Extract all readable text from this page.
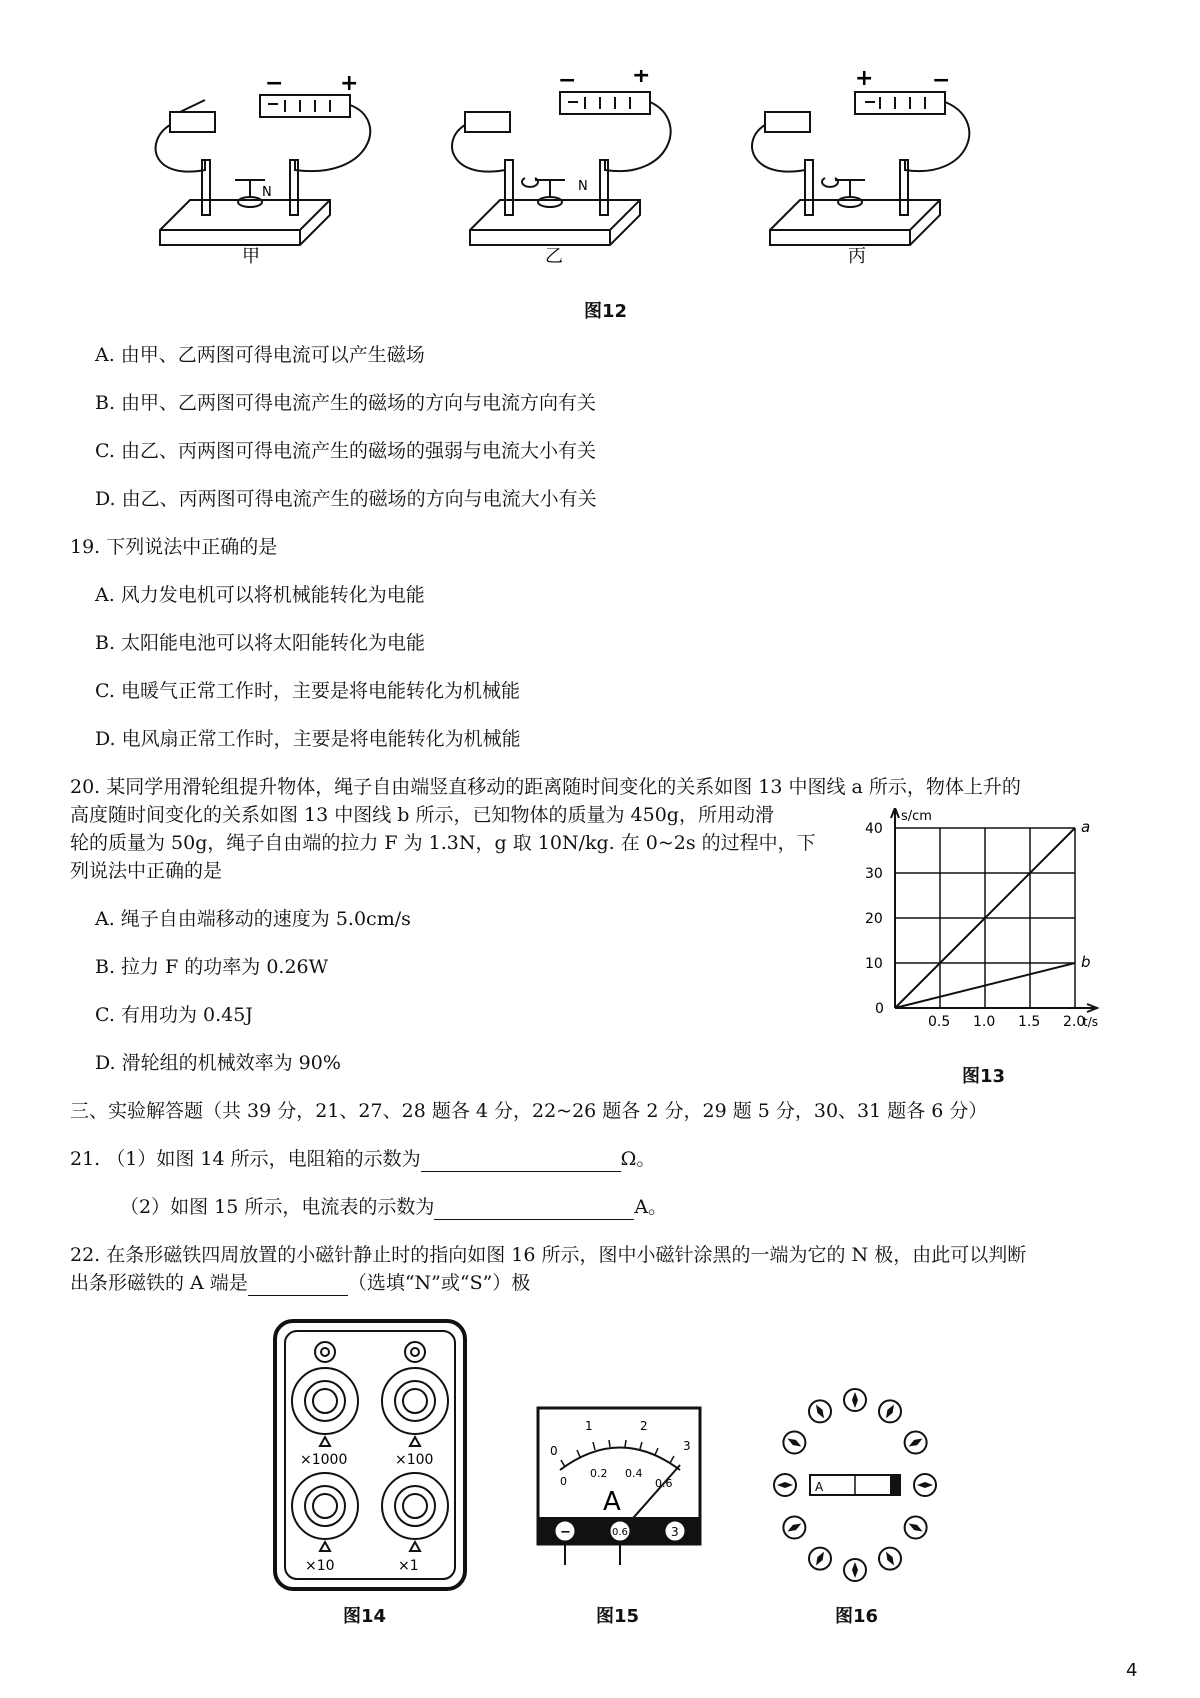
N
−	+
甲
N
−	+
乙
+	−
丙
图12
A. 由甲、乙两图可得电流可以产生磁场
B. 由甲、乙两图可得电流产生的磁场的方向与电流方向有关
C. 由乙、丙两图可得电流产生的磁场的强弱与电流大小有关
D. 由乙、丙两图可得电流产生的磁场的方向与电流大小有关
19. 下列说法中正确的是
A. 风力发电机可以将机械能转化为电能
B. 太阳能电池可以将太阳能转化为电能
C. 电暖气正常工作时，主要是将电能转化为机械能
D. 电风扇正常工作时，主要是将电能转化为机械能
20. 某同学用滑轮组提升物体，绳子自由端竖直移动的距离随时间变化的关系如图 13 中图线 a 所示，物体上升的
高度随时间变化的关系如图 13 中图线 b 所示，已知物体的质量为 450g，所用动滑
轮的质量为 50g，绳子自由端的拉力 F 为 1.3N，g 取 10N/kg. 在 0~2s 的过程中，下
列说法中正确的是
A. 绳子自由端移动的速度为 5.0cm/s
B. 拉力 F 的功率为 0.26W
C. 有用功为 0.45J
D. 滑轮组的机械效率为 90%
s/cm
t/s
0.5 1.0 1.5 2.0
10
20
30
40
0
a
b
图13
三、实验解答题（共 39 分，21、27、28 题各 4 分，22~26 题各 2 分，29 题 5 分，30、31 题各 6 分）
21. （1）如图 14 所示，电阻箱的示数为	Ω。
（2）如图 15 所示，电流表的示数为	A。
22. 在条形磁铁四周放置的小磁针静止时的指向如图 16 所示，图中小磁针涂黑的一端为它的 N 极，由此可以判断
出条形磁铁的 A 端是	（选填“N”或“S”）极
×1000	×100
×10	×1
图14
0
1	2
3
0
0.2 0.4
0.6
A
−	0.6	3
图15
A
图16
4
